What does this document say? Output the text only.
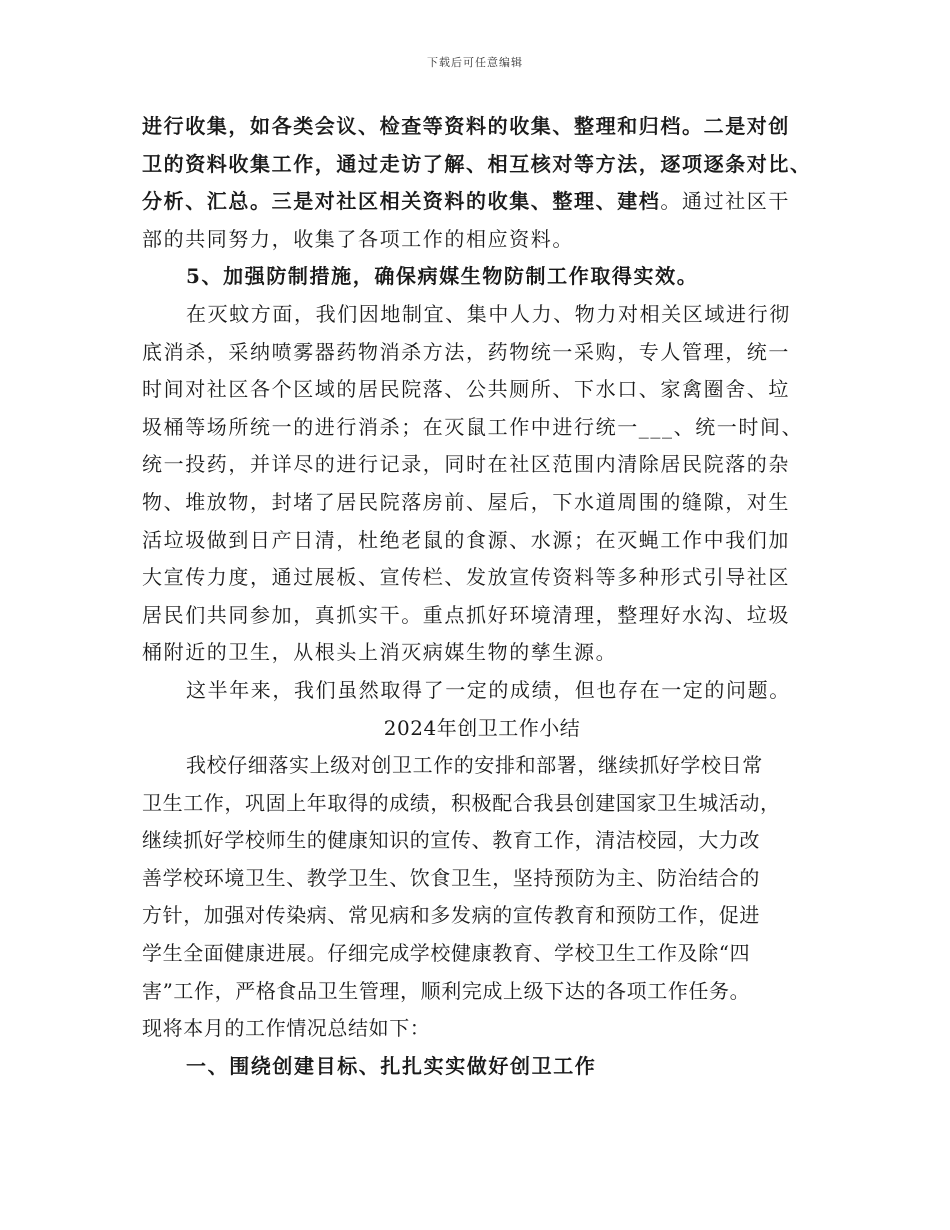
下载后可任意编辑
进行收集，如各类会议、检查等资料的收集、整理和归档。二是对创
卫的资料收集工作，通过走访了解、相互核对等方法，逐项逐条对比、
分析、汇总。三是对社区相关资料的收集、整理、建档。通过社区干
部的共同努力，收集了各项工作的相应资料。
5、加强防制措施，确保病媒生物防制工作取得实效。
在灭蚊方面，我们因地制宜、集中人力、物力对相关区域进行彻
底消杀，采纳喷雾器药物消杀方法，药物统一采购，专人管理，统一
时间对社区各个区域的居民院落、公共厕所、下水口、家禽圈舍、垃
圾桶等场所统一的进行消杀；在灭鼠工作中进行统一___、统一时间、
统一投药，并详尽的进行记录，同时在社区范围内清除居民院落的杂
物、堆放物，封堵了居民院落房前、屋后，下水道周围的缝隙，对生
活垃圾做到日产日清，杜绝老鼠的食源、水源；在灭蝇工作中我们加
大宣传力度，通过展板、宣传栏、发放宣传资料等多种形式引导社区
居民们共同参加，真抓实干。重点抓好环境清理，整理好水沟、垃圾
桶附近的卫生，从根头上消灭病媒生物的孳生源。
这半年来，我们虽然取得了一定的成绩，但也存在一定的问题。
2024年创卫工作小结
我校仔细落实上级对创卫工作的安排和部署，继续抓好学校日常
卫生工作，巩固上年取得的成绩，积极配合我县创建国家卫生城活动，
继续抓好学校师生的健康知识的宣传、教育工作，清洁校园，大力改
善学校环境卫生、教学卫生、饮食卫生，坚持预防为主、防治结合的
方针，加强对传染病、常见病和多发病的宣传教育和预防工作，促进
学生全面健康进展。仔细完成学校健康教育、学校卫生工作及除“四
害”工作，严格食品卫生管理，顺利完成上级下达的各项工作任务。
现将本月的工作情况总结如下：
一、围绕创建目标、扎扎实实做好创卫工作
